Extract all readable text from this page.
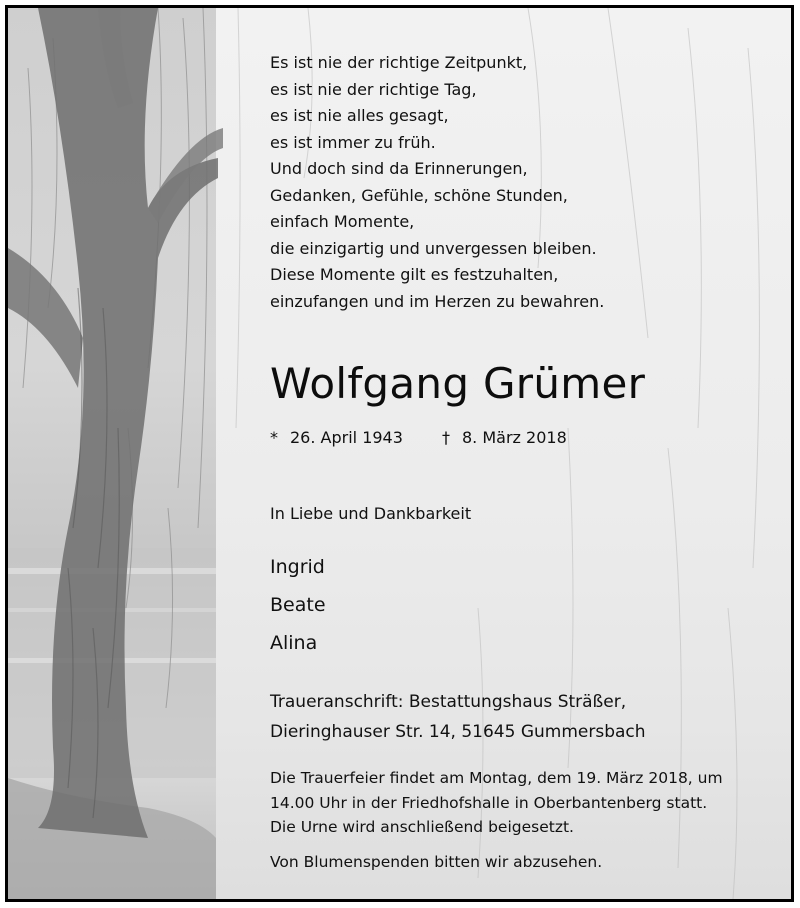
Es ist nie der richtige Zeitpunkt,
es ist nie der richtige Tag,
es ist nie alles gesagt,
es ist immer zu früh.
Und doch sind da Erinnerungen,
Gedanken, Gefühle, schöne Stunden,
einfach Momente,
die einzigartig und unvergessen bleiben.
Diese Momente gilt es festzuhalten,
einzufangen und im Herzen zu bewahren.
Wolfgang Grümer
* 26. April 1943 † 8. März 2018
In Liebe und Dankbarkeit
Ingrid
Beate
Alina
Traueranschrift: Bestattungshaus Sträßer,
Dieringhauser Str. 14, 51645 Gummersbach
Die Trauerfeier findet am Montag, dem 19. März 2018, um
14.00 Uhr in der Friedhofshalle in Oberbantenberg statt.
Die Urne wird anschließend beigesetzt.
Von Blumenspenden bitten wir abzusehen.
